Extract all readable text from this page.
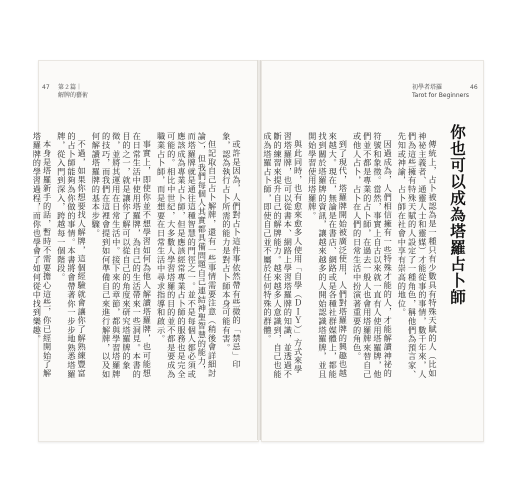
47 第２篇｜
解牌的藝術
46
初學者塔羅
Tarot for Beginners
你也可以成為塔羅占卜師

傳統上，占卜被認為是一種只有少數具有特殊天賦的人（比如神祕主義者、通靈人士和靈媒）才能從事的事情，數千年來，人們為這些擁有特殊天賦的人設定了一種角色，稱他們為預言家、先知或神諭，占卜師在社會中享有崇高的地位。

因過成為，人們相信擁有一些特殊才能的人，才能解讀神祕的符號和象徵。當然，事實上自古以來就一直有人使用塔羅牌，他們並不都是專業的占卜師，在過去一般人也會用塔羅牌來替自己或他人占卜，占卜在人們的日常生活中扮演著重要的角色。

到了現代，塔羅牌開始被廣泛使用，人們對塔羅牌的興趣也越來越大。現在，無論是在書店、網路或是各種社群媒體上，都能找到關於塔羅牌的資訊，讓越來越多的人開始認識塔羅牌，並且開始學習使用塔羅牌。

與此同時，也有愈來愈多人使用「自學（ＤＩＹ）」方式來學習塔羅牌，也可以從書本、網路上學習塔羅牌的知識，並透過不斷的練習來提升自己的解牌能力。越來越多人意識到，自己也能成為塔羅占卜師，即使自己並不屬於任何特殊的群體。

或許是因為，人們對占卜這件事依然帶有些微的「禁忌」印象，認為執行占卜所需的能力是對占卜師本身可能有害。

但記取自己占卜解牌，還有一些事情需要注意（稍後會詳細討論），但我們每個人其實都具備問題自己連結神聖智慧的能力，而塔羅牌就是通往這種智慧的門徑之一。並不是每個人都必須或應該成為專業占卜師，但是應該經常專業占卜師的服務也是完全可能的。相比中世紀，大多數人學習塔羅的目的並不都是要成為職業占卜師，而是想要在日常生活中尋求指導和啟示。

事實上，即使你並不想學習如何為他人解讀塔羅牌，也可能想在日常生活中使用塔羅牌，為自己的生活帶來一些洞見。本書的目的之一，就是讓你了解可以從自己的角度來研究塔羅牌的象徵，並將其運用在日常生活中。接下來的章節，都與學習塔羅牌的技巧，而我們在這裡會提到如何準備自己來進行解牌，以及如何解讀塔羅牌的基本步驟。

不過，如果你想要找人解牌，這個經驗就會讓你了解熟練豐富的占卜師能夠為你做的事情。本書將會帶著你一步步地熟悉塔羅牌，從入門到深入，跨越每一個階段。

本身是塔羅新手的話，暫時不需要擔心這些，你已經開始了解塔羅牌的學習過程，而你也學會了如何從中找到樂趣。
